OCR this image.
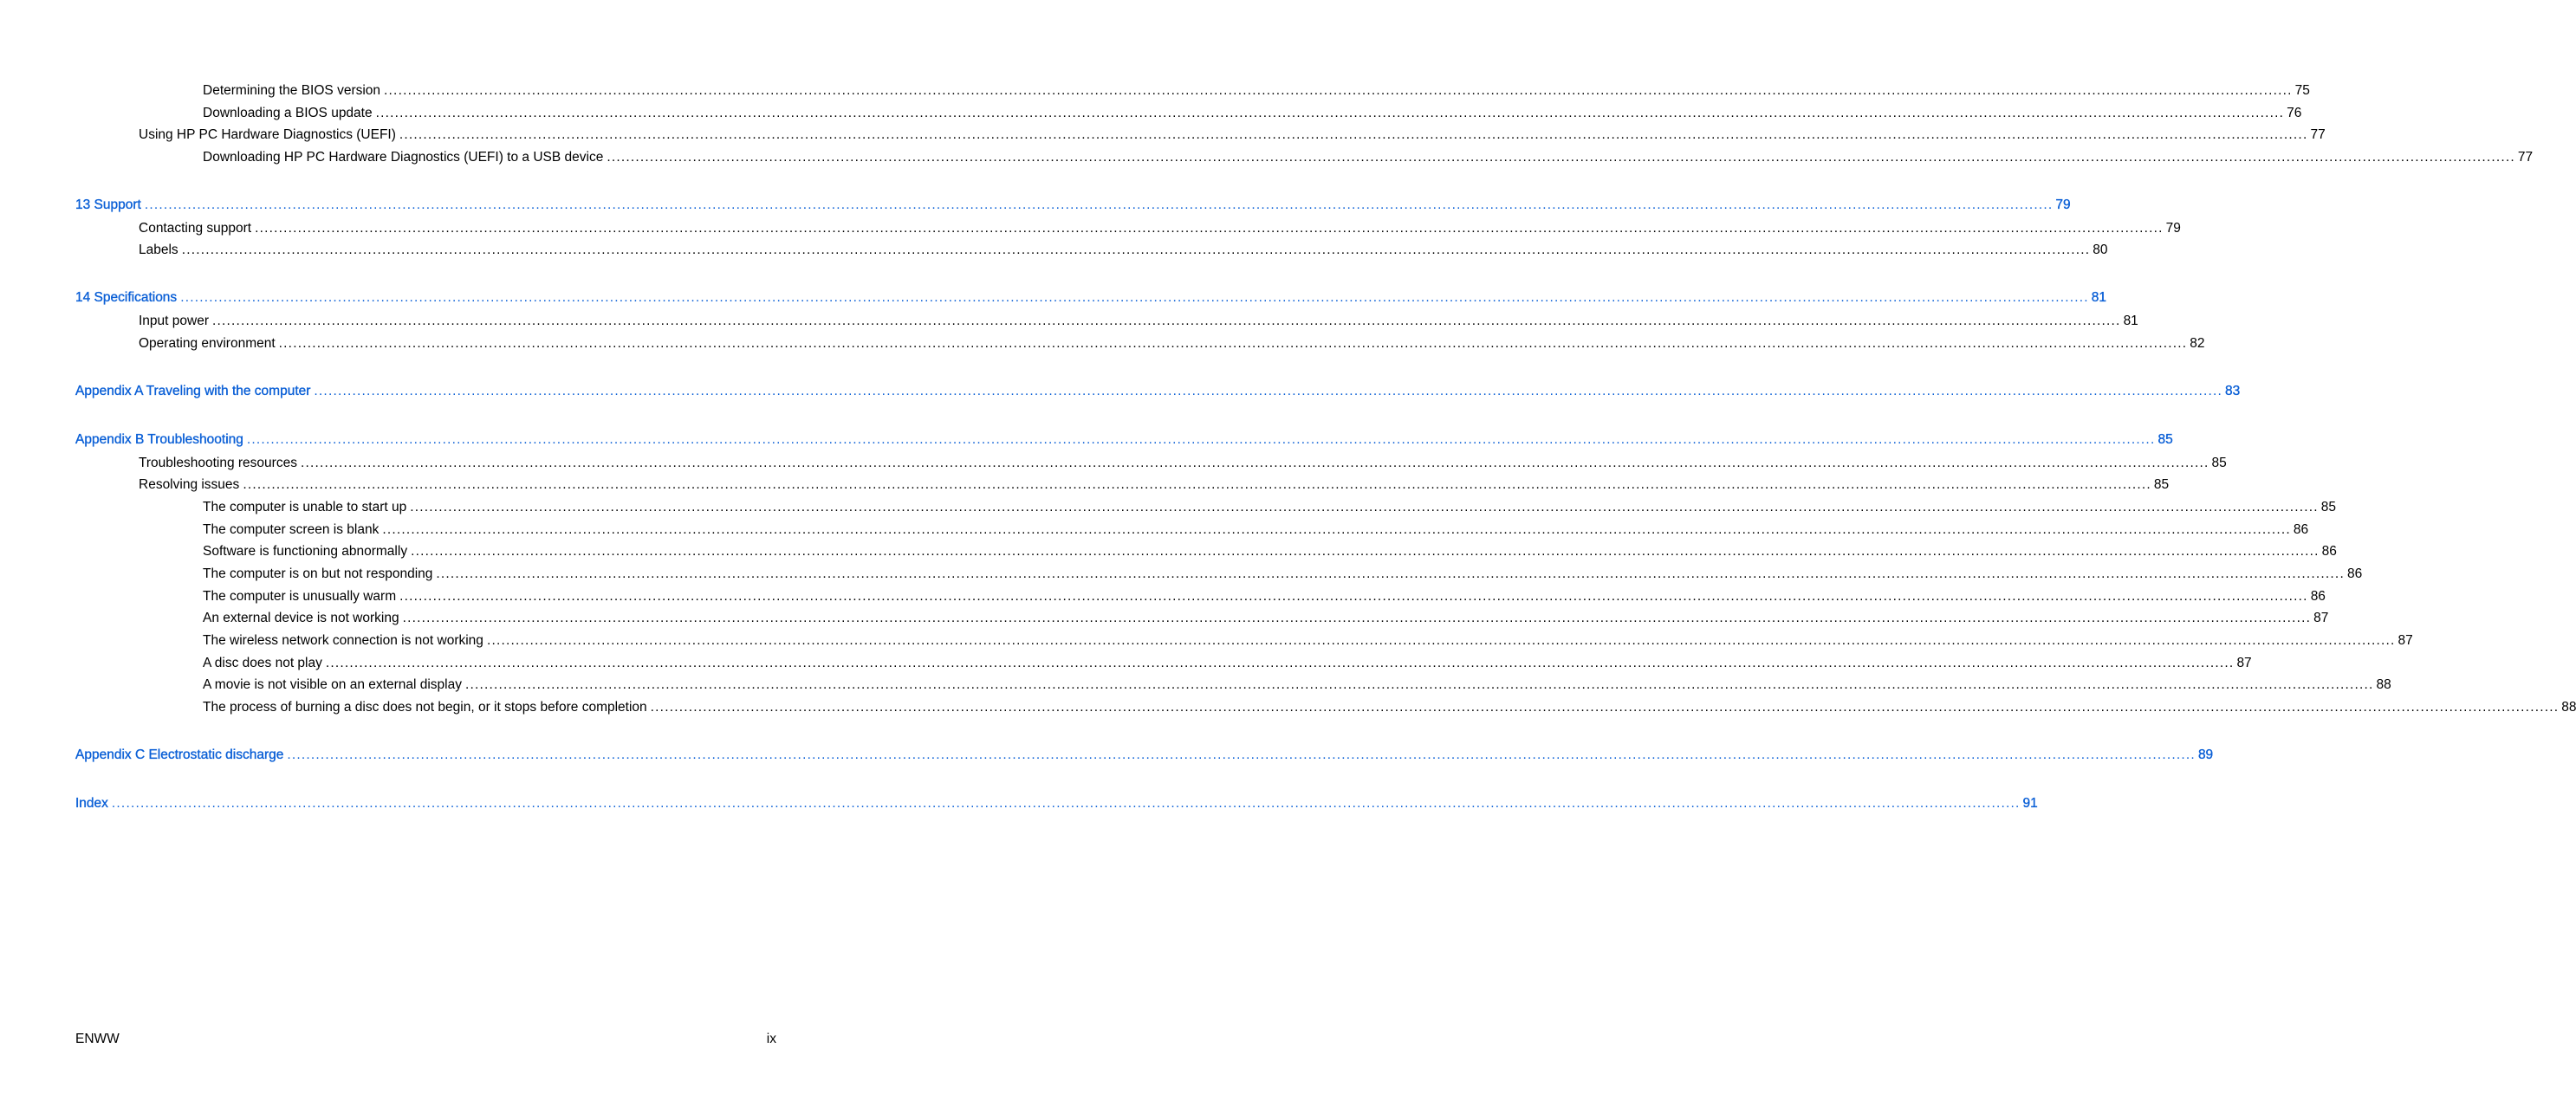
Determining the BIOS version ................................................................................................................................................................................................................................................................................................................................................................................................................ 75
Downloading a BIOS update ................................................................................................................................................................................................................................................................................................................................................................................................................ 76
Using HP PC Hardware Diagnostics (UEFI) ................................................................................................................................................................................................................................................................................................................................................................................................................ 77
Downloading HP PC Hardware Diagnostics (UEFI) to a USB device ................................................................................................................................................................................................................................................................................................................................................................................................................ 77
13 Support ................................................................................................................................................................................................................................................................................................................................................................................................................ 79
Contacting support ................................................................................................................................................................................................................................................................................................................................................................................................................ 79
Labels ................................................................................................................................................................................................................................................................................................................................................................................................................ 80
14 Specifications ................................................................................................................................................................................................................................................................................................................................................................................................................ 81
Input power ................................................................................................................................................................................................................................................................................................................................................................................................................ 81
Operating environment ................................................................................................................................................................................................................................................................................................................................................................................................................ 82
Appendix A Traveling with the computer ................................................................................................................................................................................................................................................................................................................................................................................................................ 83
Appendix B Troubleshooting ................................................................................................................................................................................................................................................................................................................................................................................................................ 85
Troubleshooting resources ................................................................................................................................................................................................................................................................................................................................................................................................................ 85
Resolving issues ................................................................................................................................................................................................................................................................................................................................................................................................................ 85
The computer is unable to start up ................................................................................................................................................................................................................................................................................................................................................................................................................ 85
The computer screen is blank ................................................................................................................................................................................................................................................................................................................................................................................................................ 86
Software is functioning abnormally ................................................................................................................................................................................................................................................................................................................................................................................................................ 86
The computer is on but not responding ................................................................................................................................................................................................................................................................................................................................................................................................................ 86
The computer is unusually warm ................................................................................................................................................................................................................................................................................................................................................................................................................ 86
An external device is not working ................................................................................................................................................................................................................................................................................................................................................................................................................ 87
The wireless network connection is not working ................................................................................................................................................................................................................................................................................................................................................................................................................ 87
A disc does not play ................................................................................................................................................................................................................................................................................................................................................................................................................ 87
A movie is not visible on an external display ................................................................................................................................................................................................................................................................................................................................................................................................................ 88
The process of burning a disc does not begin, or it stops before completion ................................................................................................................................................................................................................................................................................................................................................................................................................ 88
Appendix C Electrostatic discharge ................................................................................................................................................................................................................................................................................................................................................................................................................ 89
Index ................................................................................................................................................................................................................................................................................................................................................................................................................ 91
ENWW	ix
